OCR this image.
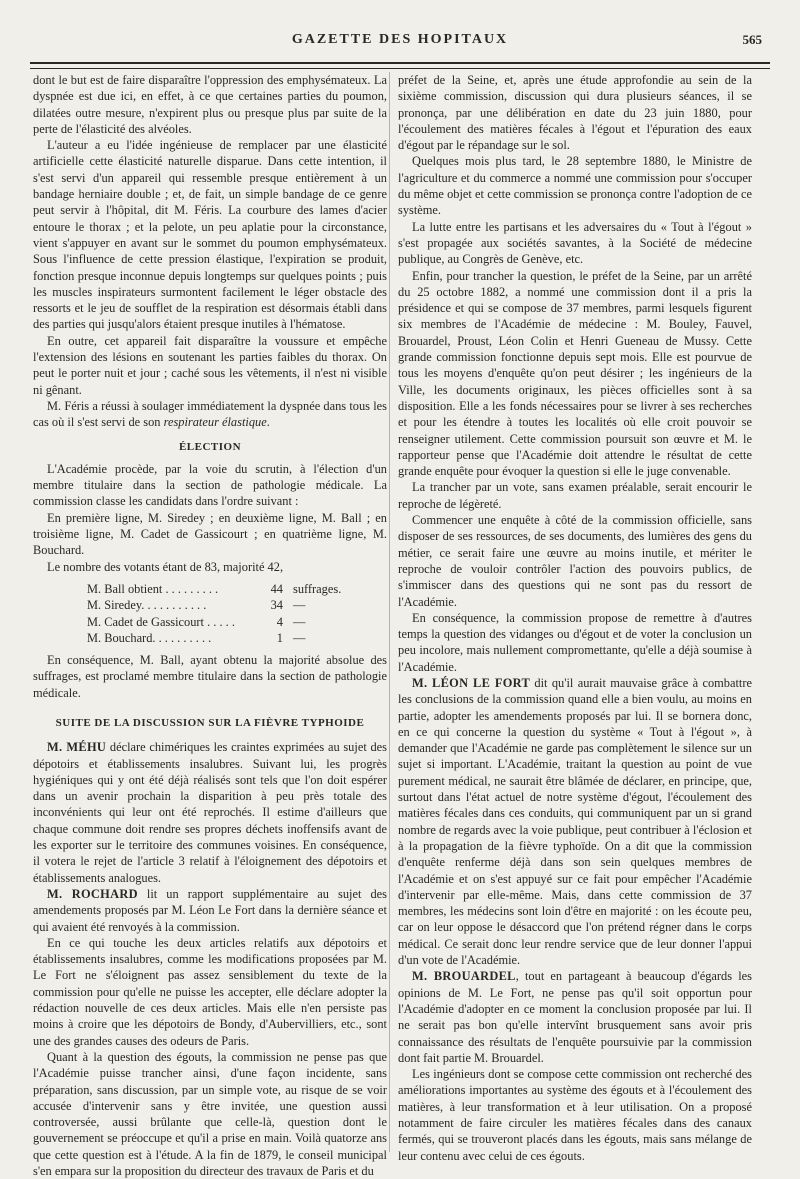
GAZETTE DES HOPITAUX	565

dont le but est de faire disparaître l'oppression des emphysémateux. La dyspnée est due ici, en effet, à ce que certaines parties du poumon, dilatées outre mesure, n'expirent plus ou presque plus par suite de la perte de l'élasticité des alvéoles.

L'auteur a eu l'idée ingénieuse de remplacer par une élasticité artificielle cette élasticité naturelle disparue. Dans cette intention, il s'est servi d'un appareil qui ressemble presque entièrement à un bandage herniaire double ; et, de fait, un simple bandage de ce genre peut servir à l'hôpital, dit M. Féris. La courbure des lames d'acier entoure le thorax ; et la pelote, un peu aplatie pour la circonstance, vient s'appuyer en avant sur le sommet du poumon emphysémateux. Sous l'influence de cette pression élastique, l'expiration se produit, fonction presque inconnue depuis longtemps sur quelques points ; puis les muscles inspirateurs surmontent facilement le léger obstacle des ressorts et le jeu de soufflet de la respiration est désormais établi dans des parties qui jusqu'alors étaient presque inutiles à l'hématose.

En outre, cet appareil fait disparaître la voussure et empêche l'extension des lésions en soutenant les parties faibles du thorax. On peut le porter nuit et jour ; caché sous les vêtements, il n'est ni visible ni gênant.

M. Féris a réussi à soulager immédiatement la dyspnée dans tous les cas où il s'est servi de son respirateur élastique.

ÉLECTION

L'Académie procède, par la voie du scrutin, à l'élection d'un membre titulaire dans la section de pathologie médicale. La commission classe les candidats dans l'ordre suivant :

En première ligne, M. Siredey ; en deuxième ligne, M. Ball ; en troisième ligne, M. Cadet de Gassicourt ; en quatrième ligne, M. Bouchard.

Le nombre des votants étant de 83, majorité 42,

M. Ball obtient . . . . . . . . .	44 suffrages.
M. Siredey. . . . . . . . . . .	34 —
M. Cadet de Gassicourt . . . . .	4 —
M. Bouchard. . . . . . . . . .	1 —

En conséquence, M. Ball, ayant obtenu la majorité absolue des suffrages, est proclamé membre titulaire dans la section de pathologie médicale.

SUITE DE LA DISCUSSION SUR LA FIÈVRE TYPHOIDE

M. MÉHU déclare chimériques les craintes exprimées au sujet des dépotoirs et établissements insalubres. Suivant lui, les progrès hygiéniques qui y ont été déjà réalisés sont tels que l'on doit espérer dans un avenir prochain la disparition à peu près totale des inconvénients qui leur ont été reprochés. Il estime d'ailleurs que chaque commune doit rendre ses propres déchets inoffensifs avant de les exporter sur le territoire des communes voisines. En conséquence, il votera le rejet de l'article 3 relatif à l'éloignement des dépotoirs et établissements analogues.

M. ROCHARD lit un rapport supplémentaire au sujet des amendements proposés par M. Léon Le Fort dans la dernière séance et qui avaient été renvoyés à la commission.

En ce qui touche les deux articles relatifs aux dépotoirs et établissements insalubres, comme les modifications proposées par M. Le Fort ne s'éloignent pas assez sensiblement du texte de la commission pour qu'elle ne puisse les accepter, elle déclare adopter la rédaction nouvelle de ces deux articles. Mais elle n'en persiste pas moins à croire que les dépotoirs de Bondy, d'Aubervilliers, etc., sont une des grandes causes des odeurs de Paris.

Quant à la question des égouts, la commission ne pense pas que l'Académie puisse trancher ainsi, d'une façon incidente, sans préparation, sans discussion, par un simple vote, au risque de se voir accusée d'intervenir sans y être invitée, une question aussi controversée, aussi brûlante que celle-là, question dont le gouvernement se préoccupe et qu'il a prise en main. Voilà quatorze ans que cette question est à l'étude. A la fin de 1879, le conseil municipal s'en empara sur la proposition du directeur des travaux de Paris et du

préfet de la Seine, et, après une étude approfondie au sein de la sixième commission, discussion qui dura plusieurs séances, il se prononça, par une délibération en date du 23 juin 1880, pour l'écoulement des matières fécales à l'égout et l'épuration des eaux d'égout par le répandage sur le sol.

Quelques mois plus tard, le 28 septembre 1880, le Ministre de l'agriculture et du commerce a nommé une commission pour s'occuper du même objet et cette commission se prononça contre l'adoption de ce système.

La lutte entre les partisans et les adversaires du « Tout à l'égout » s'est propagée aux sociétés savantes, à la Société de médecine publique, au Congrès de Genève, etc.

Enfin, pour trancher la question, le préfet de la Seine, par un arrêté du 25 octobre 1882, a nommé une commission dont il a pris la présidence et qui se compose de 37 membres, parmi lesquels figurent six membres de l'Académie de médecine : M. Bouley, Fauvel, Brouardel, Proust, Léon Colin et Henri Gueneau de Mussy. Cette grande commission fonctionne depuis sept mois. Elle est pourvue de tous les moyens d'enquête qu'on peut désirer ; les ingénieurs de la Ville, les documents originaux, les pièces officielles sont à sa disposition. Elle a les fonds nécessaires pour se livrer à ses recherches et pour les étendre à toutes les localités où elle croit pouvoir se renseigner utilement. Cette commission poursuit son œuvre et M. le rapporteur pense que l'Académie doit attendre le résultat de cette grande enquête pour évoquer la question si elle le juge convenable.

La trancher par un vote, sans examen préalable, serait encourir le reproche de légèreté.

Commencer une enquête à côté de la commission officielle, sans disposer de ses ressources, de ses documents, des lumières des gens du métier, ce serait faire une œuvre au moins inutile, et mériter le reproche de vouloir contrôler l'action des pouvoirs publics, de s'immiscer dans des questions qui ne sont pas du ressort de l'Académie.

En conséquence, la commission propose de remettre à d'autres temps la question des vidanges ou d'égout et de voter la conclusion un peu incolore, mais nullement compromettante, qu'elle a déjà soumise à l'Académie.

M. LÉON LE FORT dit qu'il aurait mauvaise grâce à combattre les conclusions de la commission quand elle a bien voulu, au moins en partie, adopter les amendements proposés par lui. Il se bornera donc, en ce qui concerne la question du système « Tout à l'égout », à demander que l'Académie ne garde pas complètement le silence sur un sujet si important. L'Académie, traitant la question au point de vue purement médical, ne saurait être blâmée de déclarer, en principe, que, surtout dans l'état actuel de notre système d'égout, l'écoulement des matières fécales dans ces conduits, qui communiquent par un si grand nombre de regards avec la voie publique, peut contribuer à l'éclosion et à la propagation de la fièvre typhoïde. On a dit que la commission d'enquête renferme déjà dans son sein quelques membres de l'Académie et on s'est appuyé sur ce fait pour empêcher l'Académie d'intervenir par elle-même. Mais, dans cette commission de 37 membres, les médecins sont loin d'être en majorité : on les écoute peu, car on leur oppose le désaccord que l'on prétend régner dans le corps médical. Ce serait donc leur rendre service que de leur donner l'appui d'un vote de l'Académie.

M. BROUARDEL, tout en partageant à beaucoup d'égards les opinions de M. Le Fort, ne pense pas qu'il soit opportun pour l'Académie d'adopter en ce moment la conclusion proposée par lui. Il ne serait pas bon qu'elle intervînt brusquement sans avoir pris connaissance des résultats de l'enquête poursuivie par la commission dont fait partie M. Brouardel.

Les ingénieurs dont se compose cette commission ont recherché des améliorations importantes au système des égouts et à l'écoulement des matières, à leur transformation et à leur utilisation. On a proposé notamment de faire circuler les matières fécales dans des canaux fermés, qui se trouveront placés dans les égouts, mais sans mélange de leur contenu avec celui de ces égouts.
